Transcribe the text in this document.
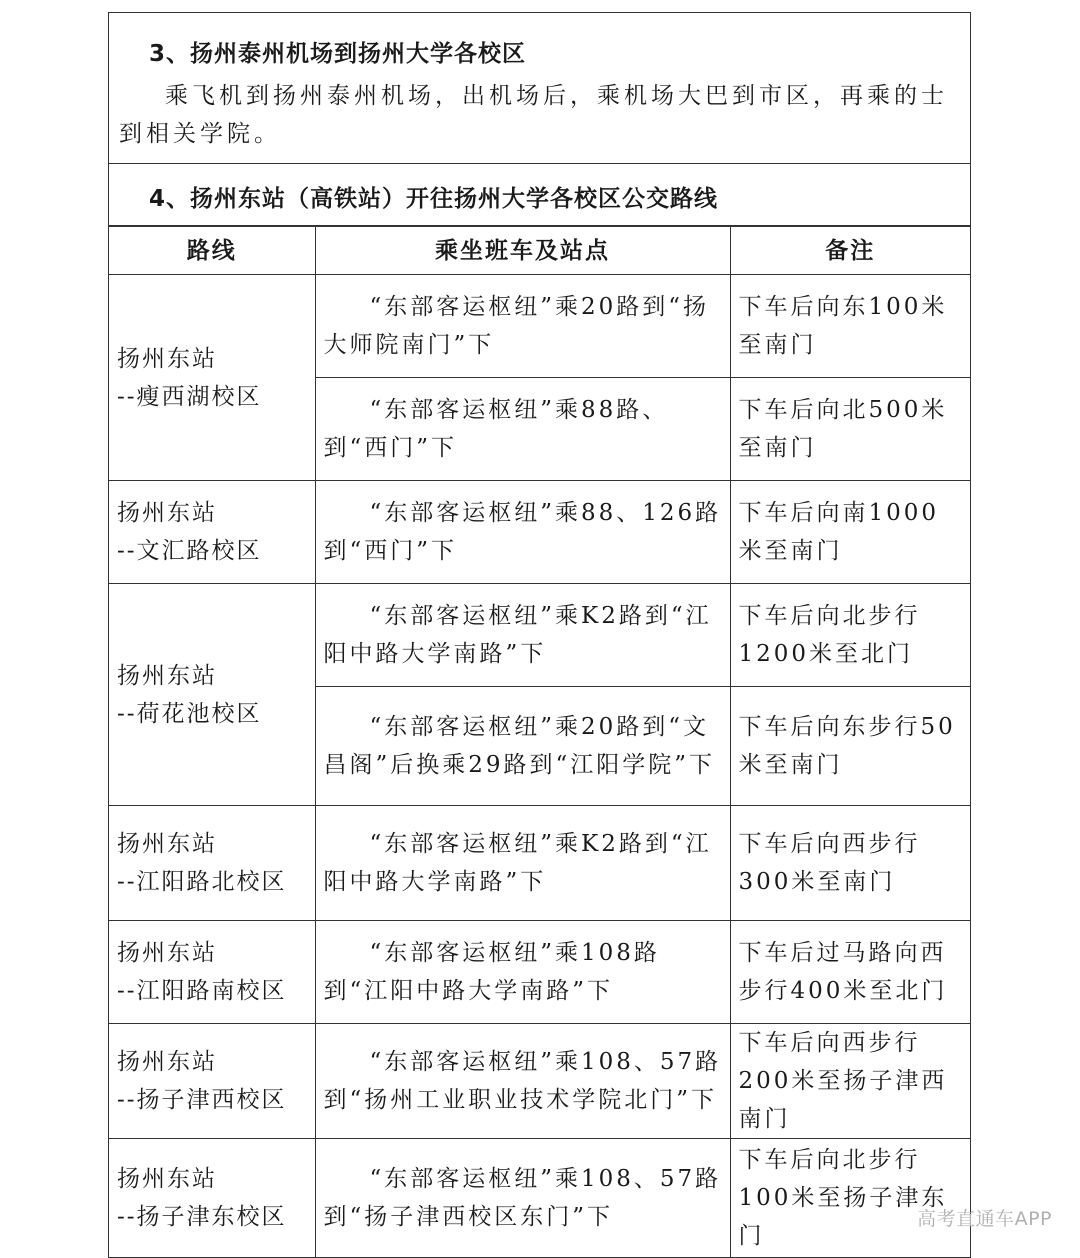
3、扬州泰州机场到扬州大学各校区
乘飞机到扬州泰州机场，出机场后，乘机场大巴到市区，再乘的士到相关学院。
4、扬州东站（高铁站）开往扬州大学各校区公交路线
路线	乘坐班车及站点	备注

扬州东站
--瘦西湖校区	“东部客运枢纽”乘20路到“扬大师院南门”下	下车后向东100米至南门
	“东部客运枢纽”乘88路、到“西门”下	下车后向北500米至南门

扬州东站
--文汇路校区	“东部客运枢纽”乘88、126路到“西门”下	下车后向南1000米至南门

扬州东站
--荷花池校区	“东部客运枢纽”乘K2路到“江阳中路大学南路”下	下车后向北步行1200米至北门
	“东部客运枢纽”乘20路到“文昌阁”后换乘29路到“江阳学院”下	下车后向东步行50米至南门

扬州东站
--江阳路北校区	“东部客运枢纽”乘K2路到“江阳中路大学南路”下	下车后向西步行300米至南门

扬州东站
--江阳路南校区	“东部客运枢纽”乘108路到“江阳中路大学南路”下	下车后过马路向西步行400米至北门

扬州东站
--扬子津西校区	“东部客运枢纽”乘108、57路到“扬州工业职业技术学院北门”下	下车后向西步行200米至扬子津西南门

扬州东站
--扬子津东校区	“东部客运枢纽”乘108、57路到“扬子津西校区东门”下	下车后向北步行100米至扬子津东门
高考直通车APP
